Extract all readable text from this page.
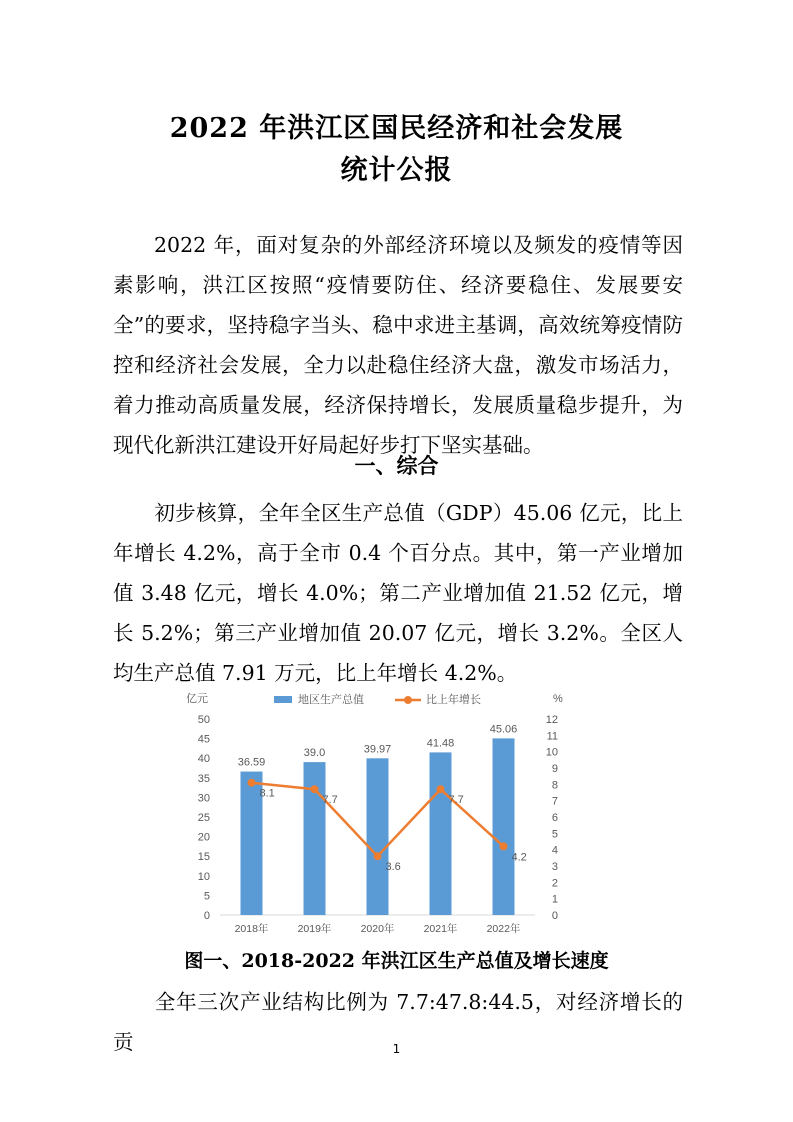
2022 年洪江区国民经济和社会发展
统计公报

2022 年，面对复杂的外部经济环境以及频发的疫情等因素影响，洪江区按照“疫情要防住、经济要稳住、发展要安全”的要求，坚持稳字当头、稳中求进主基调，高效统筹疫情防控和经济社会发展，全力以赴稳住经济大盘，激发市场活力，着力推动高质量发展，经济保持增长，发展质量稳步提升，为现代化新洪江建设开好局起好步打下坚实基础。

一、综合

初步核算，全年全区生产总值（GDP）45.06 亿元，比上年增长 4.2%，高于全市 0.4 个百分点。其中，第一产业增加值 3.48 亿元，增长 4.0%；第二产业增加值 21.52 亿元，增长 5.2%；第三产业增加值 20.07 亿元，增长 3.2%。全区人均生产总值 7.91 万元，比上年增长 4.2%。

亿元	%
地区生产总值	比上年增长
50
45
40
35
30
25
20
15
10
5
0
12
11
10
9
8
7
6
5
4
3
2
1
0
36.59
39.0	39.97	41.48
45.06
2018年	2019年	2020年	2021年	2022年
8.1
7.7
3.6
7.7
4.2
图一、2018-2022 年洪江区生产总值及增长速度

全年三次产业结构比例为 7.7:47.8:44.5，对经济增长的贡	1
